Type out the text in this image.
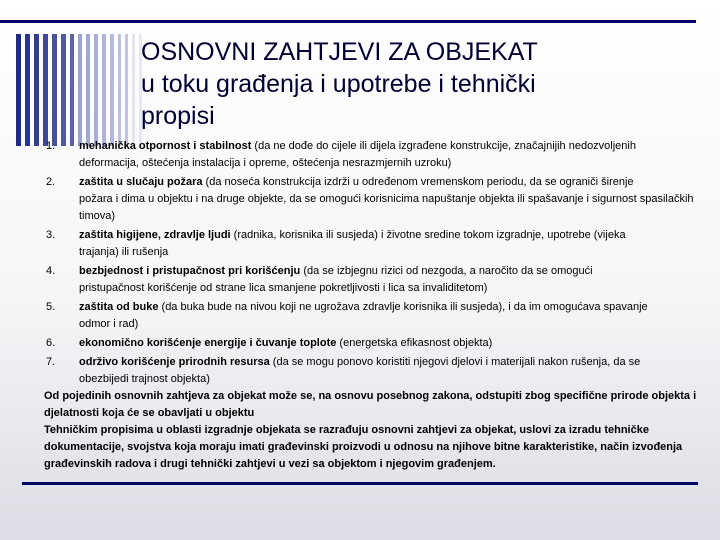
OSNOVNI ZAHTJEVI ZA OBJEKAT
u toku građenja i upotrebe i tehnički
propisi
1. mehanička otpornost i stabilnost (da ne dođe do cijele ili dijela izgrađene konstrukcije, značajnijih nedozvoljenih
deformacija, oštećenja instalacija i opreme, oštećenja nesrazmjernih uzroku)
2. zaštita u slučaju požara (da noseća konstrukcija izdrži u određenom vremenskom periodu, da se ograniči širenje
požara i dima u objektu i na druge objekte, da se omogući korisnicima napuštanje objekta ili spašavanje i sigurnost spasilačkih timova)
3. zaštita higijene, zdravlje ljudi (radnika, korisnika ili susjeda) i životne sredine tokom izgradnje, upotrebe (vijeka
trajanja) ili rušenja
4. bezbjednost i pristupačnost pri korišćenju (da se izbjegnu rizici od nezgoda, a naročito da se omogući
pristupačnost korišćenje od strane lica smanjene pokretljivosti i lica sa invaliditetom)
5. zaštita od buke (da buka bude na nivou koji ne ugrožava zdravlje korisnika ili susjeda), i da im omogućava spavanje
odmor i rad)
6. ekonomično korišćenje energije i čuvanje toplote (energetska efikasnost objekta)
7. održivo korišćenje prirodnih resursa (da se mogu ponovo koristiti njegovi djelovi i materijali nakon rušenja, da se
obezbijedi trajnost objekta)

Od pojedinih osnovnih zahtjeva za objekat može se, na osnovu posebnog zakona, odstupiti zbog specifične prirode objekta i djelatnosti koja će se obavljati u objektu

Tehničkim propisima u oblasti izgradnje objekata se razrađuju osnovni zahtjevi za objekat, uslovi za izradu tehničke dokumentacije, svojstva koja moraju imati građevinski proizvodi u odnosu na njihove bitne karakteristike, način izvođenja građevinskih radova i drugi tehnički zahtjevi u vezi sa objektom i njegovim građenjem.
